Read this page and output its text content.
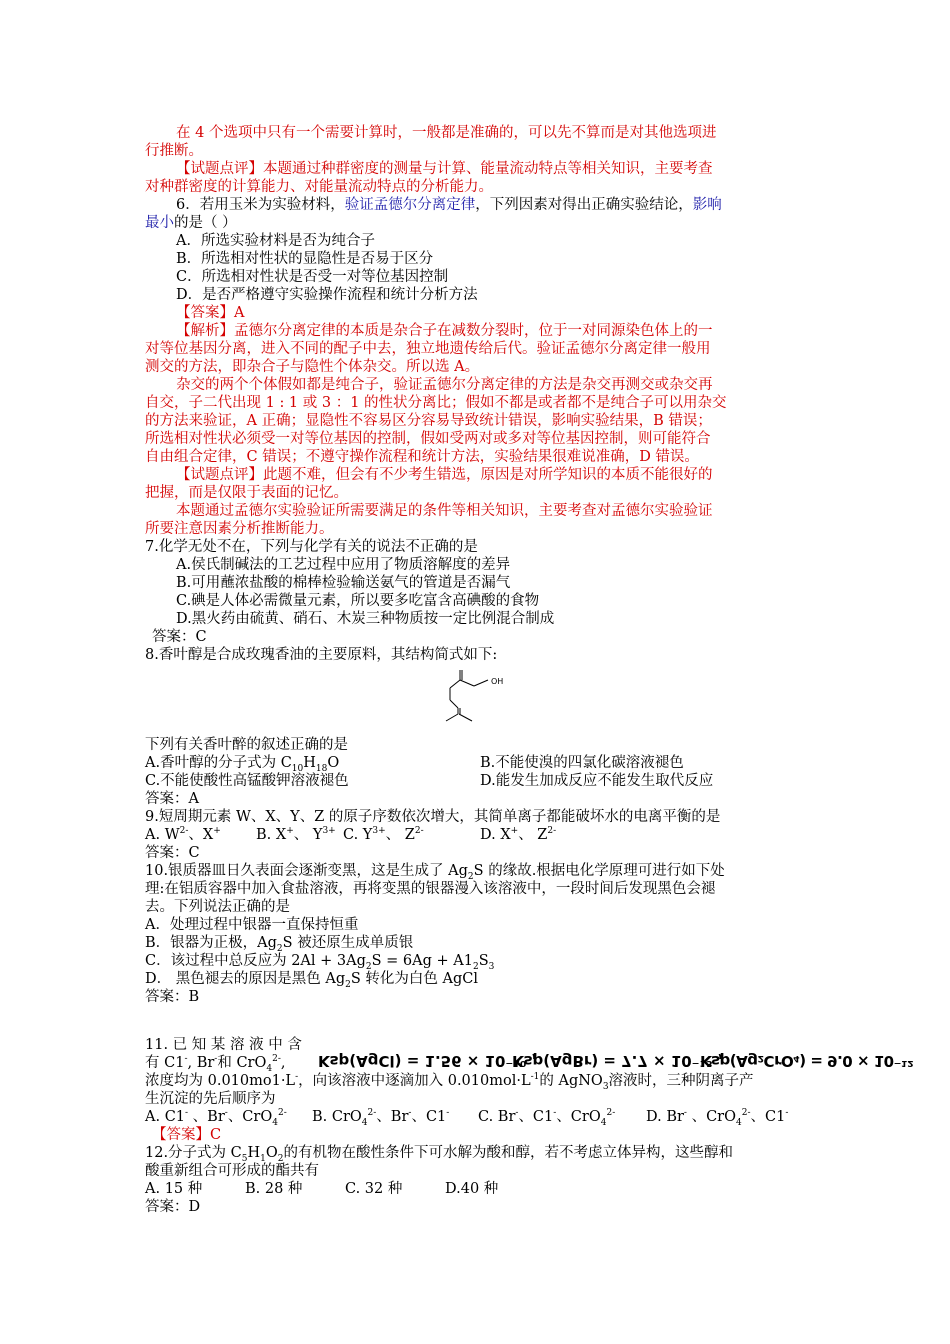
在 4 个选项中只有一个需要计算时，一般都是准确的，可以先不算而是对其他选项进
行推断。
【试题点评】本题通过种群密度的测量与计算、能量流动特点等相关知识，主要考查
对种群密度的计算能力、对能量流动特点的分析能力。
6．若用玉米为实验材料，验证孟德尔分离定律，下列因素对得出正确实验结论，影响
最小的是（ ）
A．所选实验材料是否为纯合子
B．所选相对性状的显隐性是否易于区分
C．所选相对性状是否受一对等位基因控制
D．是否严格遵守实验操作流程和统计分析方法
【答案】A
【解析】孟德尔分离定律的本质是杂合子在减数分裂时，位于一对同源染色体上的一
对等位基因分离，进入不同的配子中去，独立地遗传给后代。验证孟德尔分离定律一般用
测交的方法，即杂合子与隐性个体杂交。所以选 A。
杂交的两个个体假如都是纯合子，验证孟德尔分离定律的方法是杂交再测交或杂交再
自交，子二代出现 1 : 1 或 3 ：1 的性状分离比；假如不都是或者都不是纯合子可以用杂交
的方法来验证，A 正确；显隐性不容易区分容易导致统计错误，影响实验结果，B 错误；
所选相对性状必须受一对等位基因的控制，假如受两对或多对等位基因控制，则可能符合
自由组合定律，C 错误；不遵守操作流程和统计方法，实验结果很难说准确，D 错误。
【试题点评】此题不难，但会有不少考生错选，原因是对所学知识的本质不能很好的
把握，而是仅限于表面的记忆。
本题通过孟德尔实验验证所需要满足的条件等相关知识，主要考查对孟德尔实验验证
所要注意因素分析推断能力。
7.化学无处不在，下列与化学有关的说法不正确的是
A.侯氏制碱法的工艺过程中应用了物质溶解度的差异
B.可用蘸浓盐酸的棉棒检验输送氨气的管道是否漏气
C.碘是人体必需微量元素，所以要多吃富含高碘酸的食物
D.黑火药由硫黄、硝石、木炭三种物质按一定比例混合制成
答案：C
8.香叶醇是合成玫瑰香油的主要原料，其结构简式如下:
OH
下列有关香叶醉的叙述正确的是
A.香叶醇的分子式为 $C_{10}H_{18}O$	B.不能使溴的四氯化碳溶液褪色
C.不能使酸性高锰酸钾溶液褪色	D.能发生加成反应不能发生取代反应
答案：A
9.短周期元素 W、X、Y、Z 的原子序数依次增大，其简单离子都能破坏水的电离平衡的是
A. $W^{2-}$、X+ B. X+、 $Y^{3+}$ C. $Y^{3+}$、 $Z^{2-}$	D. X+、 $Z^{2-}$
答案：C
10.银质器皿日久表面会逐渐变黑，这是生成了 $Ag_2S$ 的缘故.根据电化学原理可进行如下处
理:在铝质容器中加入食盐溶液，再将变黑的银器漫入该溶液中，一段时间后发现黑色会褪
去。下列说法正确的是
A．处理过程中银器一直保持恒重
B．银器为正极，$Ag_2S$ 被还原生成单质银
C．该过程中总反应为 $2Al + 3Ag_2S = 6Ag + A1_2S_3$
D． 黑色褪去的原因是黑色 $Ag_2S$ 转化为白色 AgCl
答案：B
11. 已 知 某 溶 液 中 含
有 C1-, Br-和 CrO$_4^{2-}$, Ksp(AgCl) = 1.56 × 10⁻¹⁰ ,
Ksp(AgBr) = 7.7 × 10⁻¹³ ,
Ksp(Ag₂CrO₄) = 9.0 × 10⁻¹²
浓度均为 0.010mo1·L-，向该溶液中逐滴加入 $0.010mol\cdot L^{-1}$的 AgNO$_3$溶液时，三种阴离子产
生沉淀的先后顺序为
A. C1- 、Br-、CrO$_4^{2-}$ B. CrO$_4^{2-}$、Br-、C1- C. Br-、C1-、CrO$_4^{2-}$ D. Br- 、CrO$_4^{2-}$、C1-
【答案】C
12.分子式为 $C_5H_1O_2$的有机物在酸性条件下可水解为酸和醇，若不考虑立体异构，这些醇和
酸重新组合可形成的酯共有
A. 15 种	B. 28 种	C. 32 种	D.40 种
答案：D
